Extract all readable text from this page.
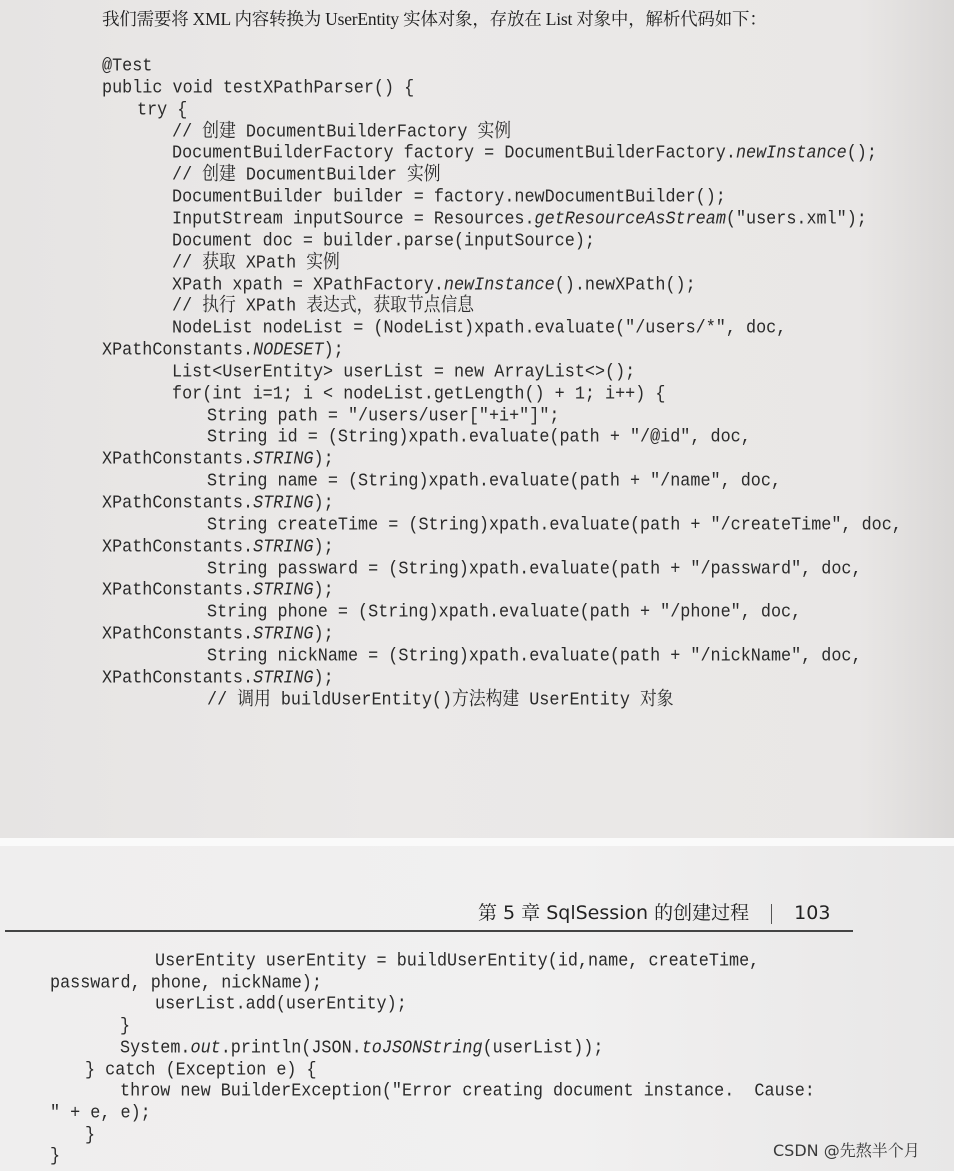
我们需要将 XML 内容转换为 UserEntity 实体对象，存放在 List 对象中，解析代码如下：
@Test
public void testXPathParser() {
try {
// 创建 DocumentBuilderFactory 实例
DocumentBuilderFactory factory = DocumentBuilderFactory.newInstance();
// 创建 DocumentBuilder 实例
DocumentBuilder builder = factory.newDocumentBuilder();
InputStream inputSource = Resources.getResourceAsStream("users.xml");
Document doc = builder.parse(inputSource);
// 获取 XPath 实例
XPath xpath = XPathFactory.newInstance().newXPath();
// 执行 XPath 表达式，获取节点信息
NodeList nodeList = (NodeList)xpath.evaluate("/users/*", doc,
XPathConstants.NODESET);
List<UserEntity> userList = new ArrayList<>();
for(int i=1; i < nodeList.getLength() + 1; i++) {
String path = "/users/user["+i+"]";
String id = (String)xpath.evaluate(path + "/@id", doc,
XPathConstants.STRING);
String name = (String)xpath.evaluate(path + "/name", doc,
XPathConstants.STRING);
String createTime = (String)xpath.evaluate(path + "/createTime", doc,
XPathConstants.STRING);
String passward = (String)xpath.evaluate(path + "/passward", doc,
XPathConstants.STRING);
String phone = (String)xpath.evaluate(path + "/phone", doc,
XPathConstants.STRING);
String nickName = (String)xpath.evaluate(path + "/nickName", doc,
XPathConstants.STRING);
// 调用 buildUserEntity()方法构建 UserEntity 对象
第 5 章 SqlSession 的创建过程 103
UserEntity userEntity = buildUserEntity(id,name, createTime,
passward, phone, nickName);
userList.add(userEntity);
}
System.out.println(JSON.toJSONString(userList));
} catch (Exception e) {
throw new BuilderException("Error creating document instance.  Cause:
" + e, e);
}
}	CSDN @先熬半个月
